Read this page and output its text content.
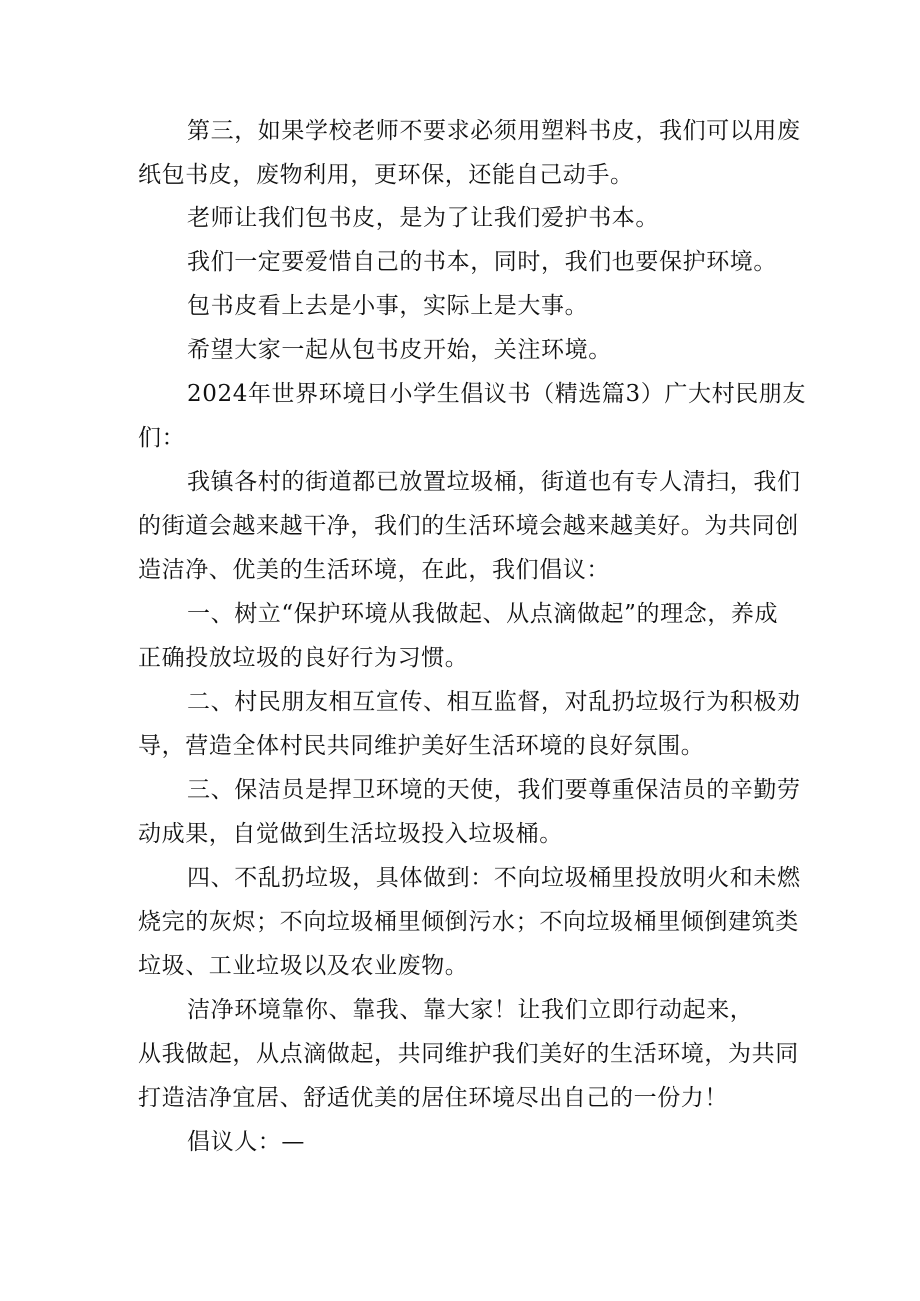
第三，如果学校老师不要求必须用塑料书皮，我们可以用废
纸包书皮，废物利用，更环保，还能自己动手。
老师让我们包书皮，是为了让我们爱护书本。
我们一定要爱惜自己的书本，同时，我们也要保护环境。
包书皮看上去是小事，实际上是大事。
希望大家一起从包书皮开始，关注环境。
2024年世界环境日小学生倡议书（精选篇3）广大村民朋友
们：
我镇各村的街道都已放置垃圾桶，街道也有专人清扫，我们
的街道会越来越干净，我们的生活环境会越来越美好。为共同创
造洁净、优美的生活环境，在此，我们倡议：
一、树立“保护环境从我做起、从点滴做起”的理念，养成
正确投放垃圾的良好行为习惯。
二、村民朋友相互宣传、相互监督，对乱扔垃圾行为积极劝
导，营造全体村民共同维护美好生活环境的良好氛围。
三、保洁员是捍卫环境的天使，我们要尊重保洁员的辛勤劳
动成果，自觉做到生活垃圾投入垃圾桶。
四、不乱扔垃圾，具体做到：不向垃圾桶里投放明火和未燃
烧完的灰烬；不向垃圾桶里倾倒污水；不向垃圾桶里倾倒建筑类
垃圾、工业垃圾以及农业废物。
洁净环境靠你、靠我、靠大家！让我们立即行动起来，
从我做起，从点滴做起，共同维护我们美好的生活环境，为共同
打造洁净宜居、舒适优美的居住环境尽出自己的一份力！
倡议人：—
